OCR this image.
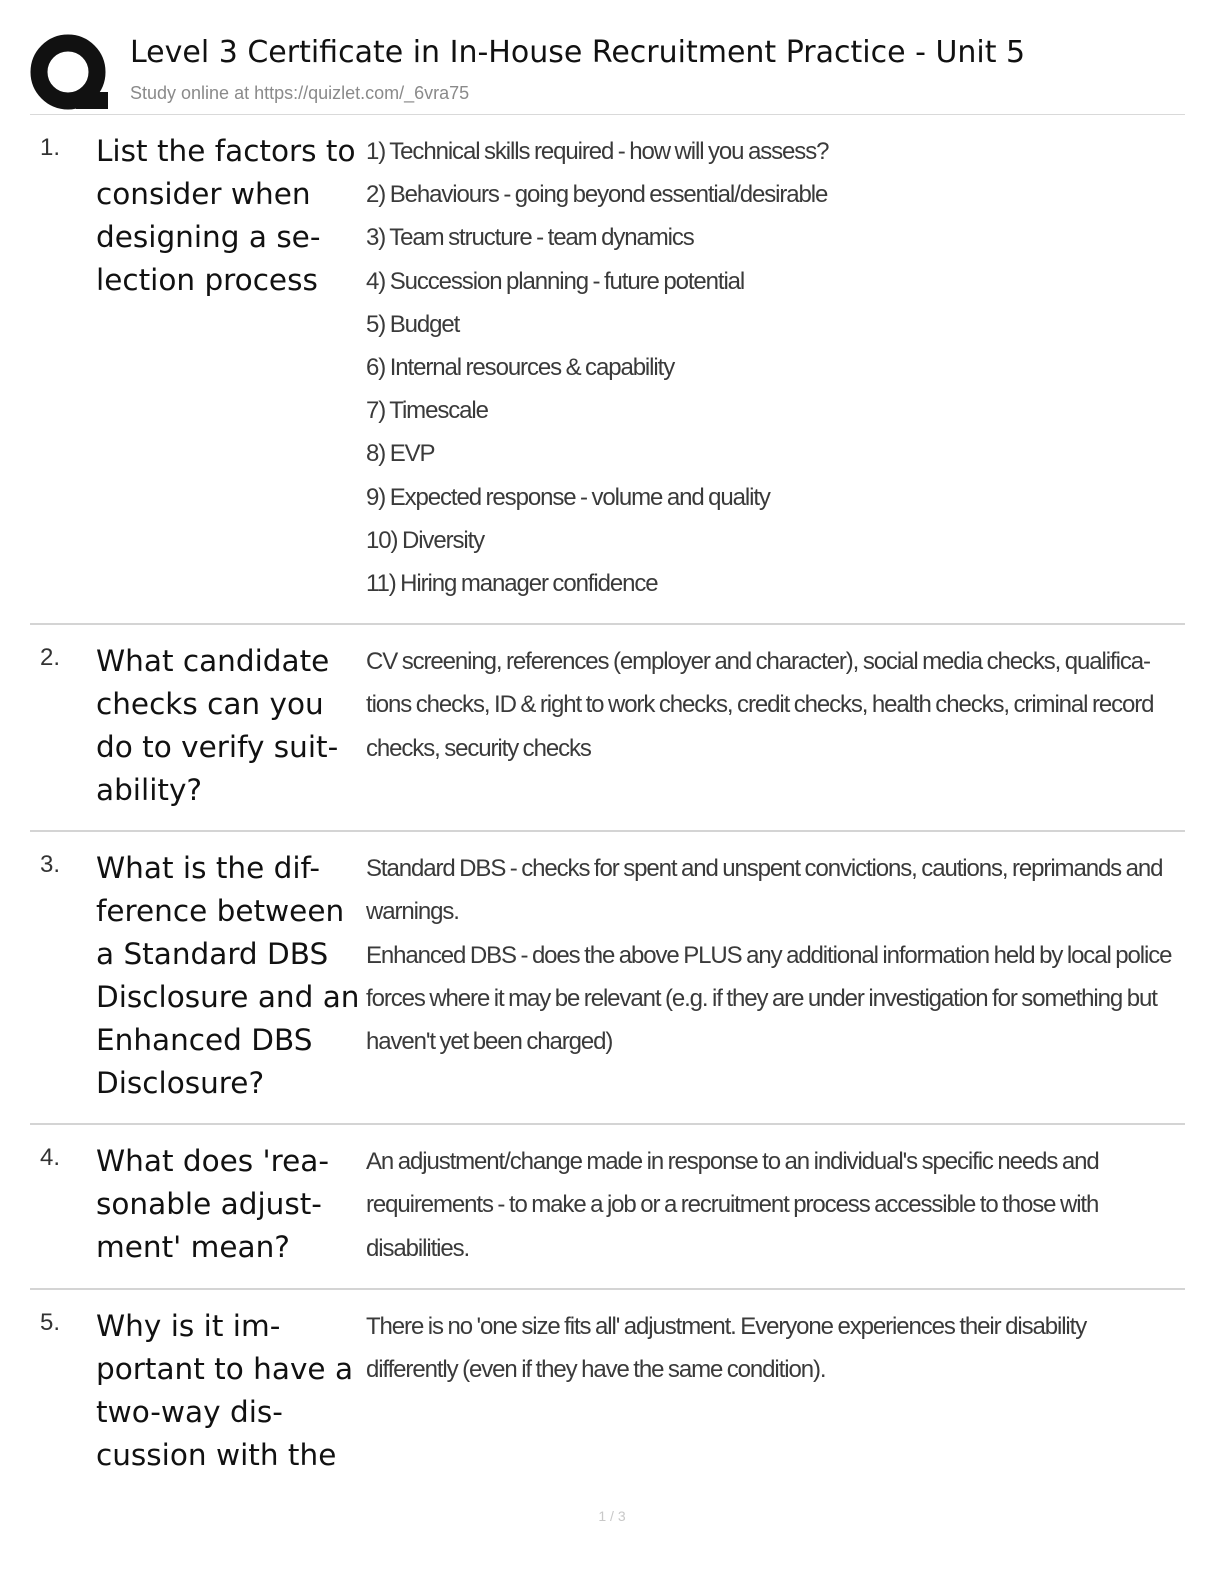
Level 3 Certificate in In-House Recruitment Practice - Unit 5
Study online at https://quizlet.com/_6vra75
1. List the factors to consider when designing a se-lection process
1) Technical skills required - how will you assess?
2) Behaviours - going beyond essential/desirable
3) Team structure - team dynamics
4) Succession planning - future potential
5) Budget
6) Internal resources & capability
7) Timescale
8) EVP
9) Expected response - volume and quality
10) Diversity
11) Hiring manager confidence
2. What candidate checks can you do to verify suit-ability?
CV screening, references (employer and character), social media checks, qualifica-tions checks, ID & right to work checks, credit checks, health checks, criminal record checks, security checks
3. What is the dif-ference between a Standard DBS Disclosure and an Enhanced DBS Disclosure?
Standard DBS - checks for spent and unspent convictions, cautions, reprimands and warnings.
Enhanced DBS - does the above PLUS any additional information held by local police forces where it may be relevant (e.g. if they are under investigation for something but haven't yet been charged)
4. What does 'rea-sonable adjust-ment' mean?
An adjustment/change made in response to an individual's specific needs and requirements - to make a job or a recruitment process accessible to those with disabilities.
5. Why is it im-portant to have a two-way dis-cussion with the
There is no 'one size fits all' adjustment. Everyone experiences their disability differently (even if they have the same condition).
1 / 3
